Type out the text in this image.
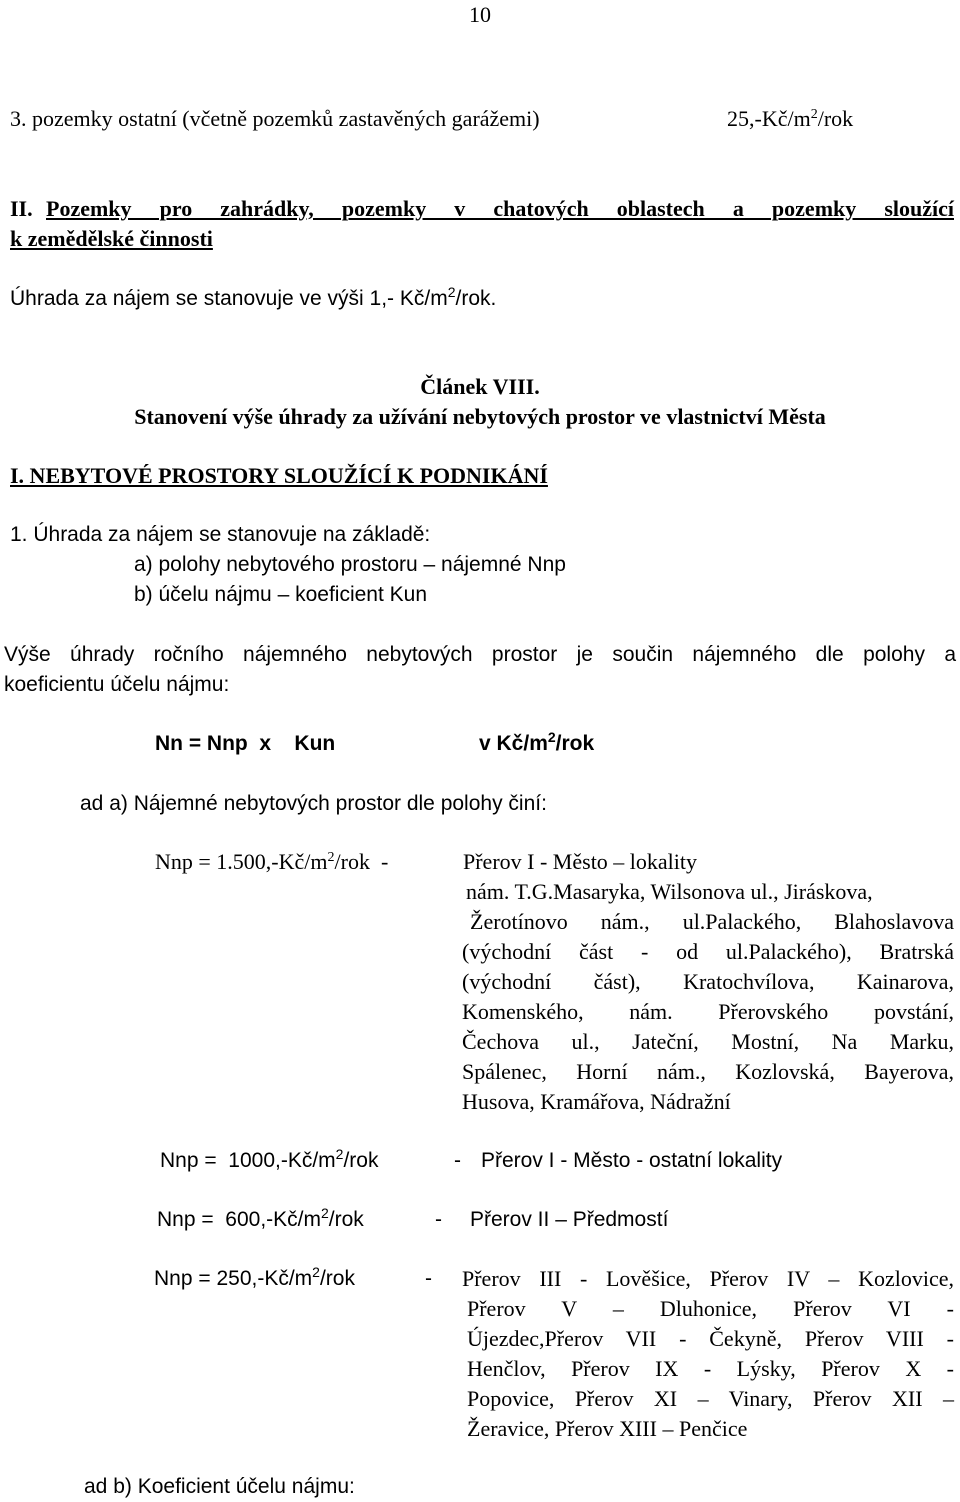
10
3. pozemky ostatní (včetně pozemků zastavěných garážemi)	$25,-Kč/m^2$/rok
II. Pozemky pro zahrádky, pozemky v chatových oblastech a pozemky sloužící
k zemědělské činnosti
Úhrada za nájem se stanovuje ve výši 1,- $Kč/m^2$/rok.
Článek VIII.
Stanovení výše úhrady za užívání nebytových prostor ve vlastnictví Města
I. NEBYTOVÉ PROSTORY SLOUŽÍCÍ K PODNIKÁNÍ
1. Úhrada za nájem se stanovuje na základě:
a) polohy nebytového prostoru – nájemné Nnp
b) účelu nájmu – koeficient Kun
Výše úhrady ročního nájemného nebytových prostor je součin nájemného dle polohy a
koeficientu účelu nájmu:
Nn = Nnp  x    Kun	v $Kč/m^2$/rok
ad a) Nájemné nebytových prostor dle polohy činí:
Nnp = $1.500,-Kč/m^2$/rok  -	Přerov I - Město – lokality
nám. T.G.Masaryka, Wilsonova ul., Jiráskova,
Žerotínovo nám., ul.Palackého, Blahoslavova
(východní část - od ul.Palackého), Bratrská
(východní část), Kratochvílova, Kainarova,
Komenského, nám. Přerovského povstání,
Čechova ul., Jateční, Mostní, Na Marku,
Spálenec, Horní nám., Kozlovská, Bayerova,
Husova, Kramářova, Nádražní
Nnp =  $1000,-Kč/m^2$/rok	- Přerov I - Město - ostatní lokality
Nnp =  $600,-Kč/m^2$/rok	- Přerov II – Předmostí
Nnp = $250,-Kč/m^2$/rok	- Přerov III - Lověšice, Přerov IV – Kozlovice,
Přerov V – Dluhonice, Přerov VI -
Újezdec,Přerov VII - Čekyně, Přerov VIII -
Henčlov, Přerov IX - Lýsky, Přerov X -
Popovice, Přerov XI – Vinary, Přerov XII –
Žeravice, Přerov XIII – Penčice
ad b) Koeficient účelu nájmu:
